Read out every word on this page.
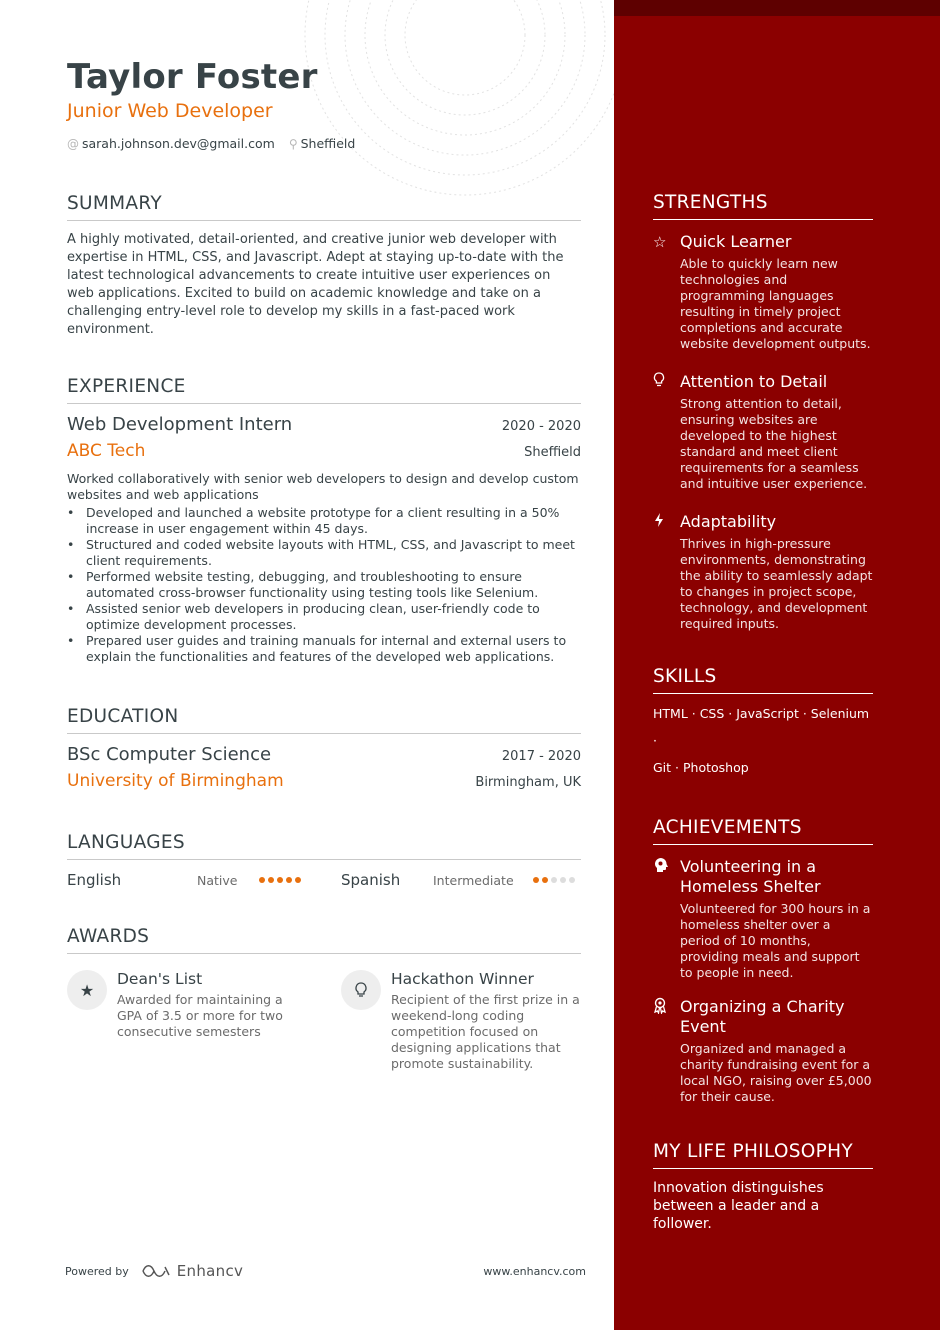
Taylor Foster
Junior Web Developer
@ sarah.johnson.dev@gmail.com ⚲ Sheffield
SUMMARY

A highly motivated, detail-oriented, and creative junior web developer with expertise in HTML, CSS, and Javascript. Adept at staying up-to-date with the latest technological advancements to create intuitive user experiences on web applications. Excited to build on academic knowledge and take on a challenging entry-level role to develop my skills in a fast-paced work environment.

EXPERIENCE
Web Development Intern	2020 - 2020
ABC Tech	Sheffield
Worked collaboratively with senior web developers to design and develop custom websites and web applications
• Developed and launched a website prototype for a client resulting in a 50% increase in user engagement within 45 days.
• Structured and coded website layouts with HTML, CSS, and Javascript to meet client requirements.
• Performed website testing, debugging, and troubleshooting to ensure automated cross-browser functionality using testing tools like Selenium.
• Assisted senior web developers in producing clean, user-friendly code to optimize development processes.
• Prepared user guides and training manuals for internal and external users to explain the functionalities and features of the developed web applications.
EDUCATION
BSc Computer Science	2017 - 2020
University of Birmingham	Birmingham, UK
LANGUAGES
English	Native	Spanish	Intermediate
AWARDS
★
Dean's List
Awarded for maintaining a GPA of 3.5 or more for two consecutive semesters
Hackathon Winner
Recipient of the first prize in a weekend-long coding competition focused on designing applications that promote sustainability.
Powered by	Enhancv	www.enhancv.com
STRENGTHS
☆ Quick Learner
Able to quickly learn new technologies and programming languages resulting in timely project completions and accurate website development outputs.
Attention to Detail
Strong attention to detail, ensuring websites are developed to the highest standard and meet client requirements for a seamless and intuitive user experience.
Adaptability
Thrives in high-pressure environments, demonstrating the ability to seamlessly adapt to changes in project scope, technology, and development required inputs.
SKILLS
HTML · CSS · JavaScript · Selenium ·
Git · Photoshop
ACHIEVEMENTS
Volunteering in a Homeless Shelter
Volunteered for 300 hours in a homeless shelter over a period of 10 months, providing meals and support to people in need.
Organizing a Charity Event
Organized and managed a charity fundraising event for a local NGO, raising over £5,000 for their cause.
MY LIFE PHILOSOPHY
Innovation distinguishes between a leader and a follower.
